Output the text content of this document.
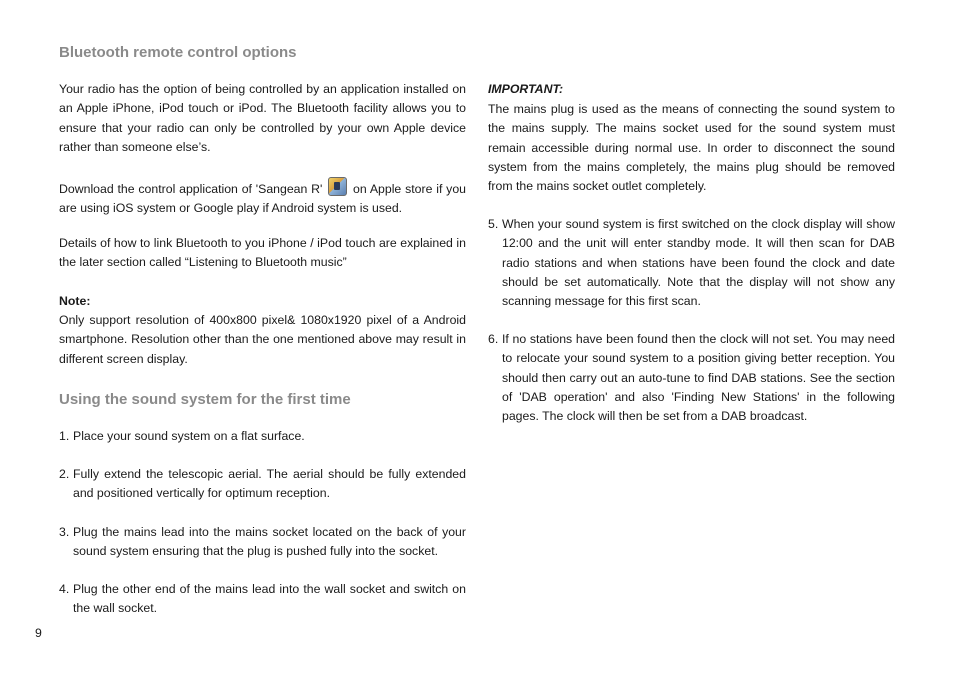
Bluetooth remote control options

Your radio has the option of being controlled by an application installed on an Apple iPhone, iPod touch or iPod. The Bluetooth facility allows you to ensure that your radio can only be controlled by your own Apple device rather than someone else’s.

Download the control application of 'Sangean R' on Apple store if you are using iOS system or Google play if Android system is used.

Details of how to link Bluetooth to you iPhone / iPod touch are explained in the later section called “Listening to Bluetooth music”

Note:

Only support resolution of 400x800 pixel& 1080x1920 pixel of a Android smartphone. Resolution other than the one mentioned above may result in different screen display.

Using the sound system for the first time
1. Place your sound system on a flat surface.
2. Fully extend the telescopic aerial. The aerial should be fully extended and positioned vertically for optimum reception.
3. Plug the mains lead into the mains socket located on the back of your sound system ensuring that the plug is pushed fully into the socket.
4. Plug the other end of the mains lead into the wall socket and switch on the wall socket.

IMPORTANT:

The mains plug is used as the means of connecting the sound system to the mains supply. The mains socket used for the sound system must remain accessible during normal use. In order to disconnect the sound system from the mains completely, the mains plug should be removed from the mains socket outlet completely.

5. When your sound system is first switched on the clock display will show 12:00 and the unit will enter standby mode. It will then scan for DAB radio stations and when stations have been found the clock and date should be set automatically. Note that the display will not show any scanning message for this first scan.
6. If no stations have been found then the clock will not set. You may need to relocate your sound system to a position giving better reception. You should then carry out an auto-tune to find DAB stations. See the section of 'DAB operation' and also 'Finding New Stations' in the following pages. The clock will then be set from a DAB broadcast.
9
